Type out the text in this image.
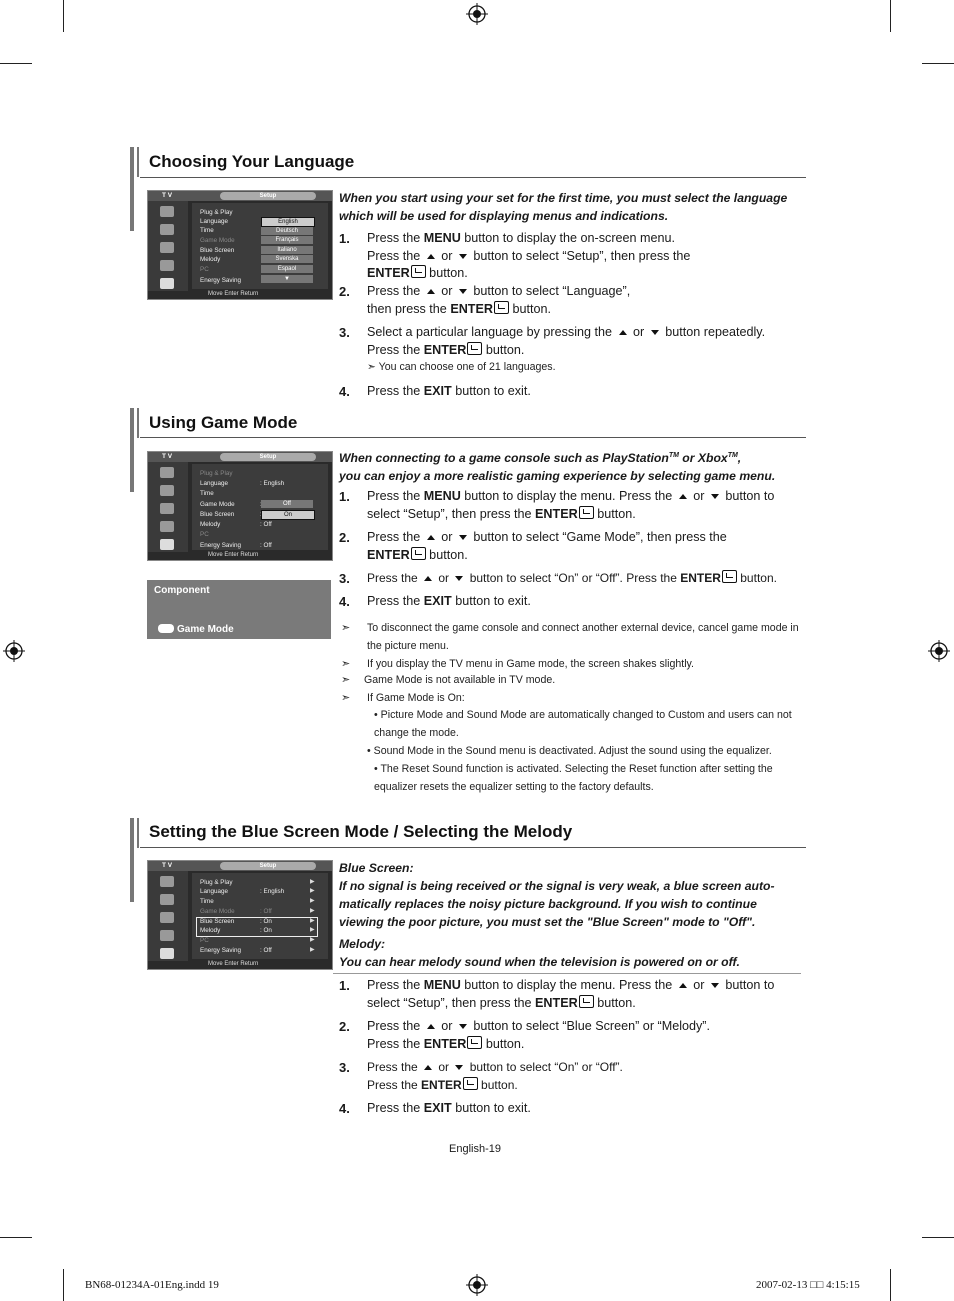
Choosing Your Language
T V	Setup
Plug & Play
Language
Time
Game Mode
Blue Screen
Melody
PC
Energy Saving
English
Deutsch
Français
Italiano
Svenska
Espaol
▼
Move Enter Return
When you start using your set for the first time, you must select the language which will be used for displaying menus and indications.
1. Press the MENU button to display the on-screen menu.
Press the  or  button to select “Setup”, then press the
ENTER button.
2. Press the  or  button to select “Language”,
then press the ENTER button.
3. Select a particular language by pressing the  or  button repeatedly.
Press the ENTER button.
➣ You can choose one of 21 languages.
4. Press the EXIT button to exit.
Using Game Mode
T V	Setup
Plug & Play
Language
Time
Game Mode
Blue Screen
Melody
PC
Energy Saving
: English
: Off
: Off
Off
On
Move Enter Return
Component
Game Mode
When connecting to a game console such as PlayStation™ or Xbox™,
you can enjoy a more realistic gaming experience by selecting game menu.
1. Press the MENU button to display the menu. Press the  or  button to
select “Setup”, then press the ENTER button.
2. Press the  or  button to select “Game Mode”, then press the
ENTER button.
3. Press the  or  button to select “On” or “Off”. Press the ENTER button.
4. Press the EXIT button to exit.
➣ To disconnect the game console and connect another external device, cancel game mode in the picture menu.
➣ If you display the TV menu in Game mode, the screen shakes slightly.
➣ Game Mode is not available in TV mode.
➣ If Game Mode is On:
• Picture Mode and Sound Mode are automatically changed to Custom and users can not change the mode.
• Sound Mode in the Sound menu is deactivated. Adjust the sound using the equalizer.
• The Reset Sound function is activated. Selecting the Reset function after setting the equalizer resets the equalizer setting to the factory defaults.
Setting the Blue Screen Mode / Selecting the Melody
T V	Setup
Plug & Play
Language
Time
Game Mode
Blue Screen
Melody
PC
Energy Saving
: English
: Off
: On
: On
: Off
▶
▶
▶
▶
▶
▶
▶
▶
Move Enter Return
Blue Screen:
If no signal is being received or the signal is very weak, a blue screen auto-matically replaces the noisy picture background. If you wish to continue viewing the poor picture, you must set the "Blue Screen" mode to "Off".
Melody:
You can hear melody sound when the television is powered on or off.
1. Press the MENU button to display the menu. Press the  or  button to
select “Setup”, then press the ENTER button.
2. Press the  or  button to select “Blue Screen” or “Melody”.
Press the ENTER button.
3. Press the  or  button to select “On” or “Off”.
Press the ENTER button.
4. Press the EXIT button to exit.
English-19
BN68-01234A-01Eng.indd 19	2007-02-13 □□ 4:15:15
